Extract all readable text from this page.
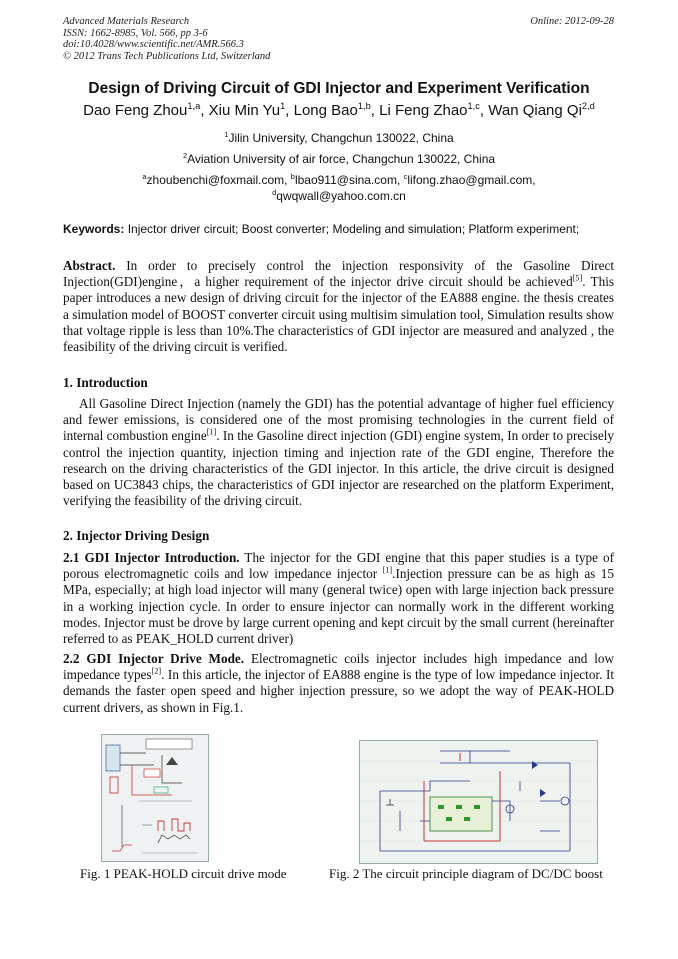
Advanced Materials Research
ISSN: 1662-8985, Vol. 566, pp 3-6
doi:10.4028/www.scientific.net/AMR.566.3
© 2012 Trans Tech Publications Ltd, Switzerland
Online: 2012-09-28
Design of Driving Circuit of GDI Injector and Experiment Verification
Dao Feng Zhou$^{1,a}$, Xiu Min Yu$^1$, Long Bao$^{1,b}$, Li Feng Zhao$^{1,c}$, Wan Qiang Qi$^{2,d}$
$^1$Jilin University, Changchun 130022, China
$^2$Aviation University of air force, Changchun 130022, China
$^a$zhoubenchi@foxmail.com, $^b$lbao911@sina.com, $^c$lifong.zhao@gmail.com,
$^d$qwqwall@yahoo.com.cn
Keywords: Injector driver circuit; Boost converter; Modeling and simulation; Platform experiment;
Abstract. In order to precisely control the injection responsivity of the Gasoline Direct Injection(GDI)engine，a higher requirement of the injector drive circuit should be achieved[5]. This paper introduces a new design of driving circuit for the injector of the EA888 engine. the thesis creates a simulation model of BOOST converter circuit using multisim simulation tool, Simulation results show that voltage ripple is less than 10%.The characteristics of GDI injector are measured and analyzed , the feasibility of the driving circuit is verified.
1. Introduction
All Gasoline Direct Injection (namely the GDI) has the potential advantage of higher fuel efficiency and fewer emissions, is considered one of the most promising technologies in the current field of internal combustion engine[1]. In the Gasoline direct injection (GDI) engine system, In order to precisely control the injection quantity, injection timing and injection rate of the GDI engine, Therefore the research on the driving characteristics of the GDI injector. In this article, the drive circuit is designed based on UC3843 chips, the characteristics of GDI injector are researched on the platform Experiment, verifying the feasibility of the driving circuit.
2. Injector Driving Design
2.1 GDI Injector Introduction. The injector for the GDI engine that this paper studies is a type of porous electromagnetic coils and low impedance injector [1].Injection pressure can be as high as 15 MPa, especially; at high load injector will many (general twice) open with large injection back pressure in a working injection cycle. In order to ensure injector can normally work in the different working modes. Injector must be drove by large current opening and kept circuit by the small current (hereinafter referred to as PEAK_HOLD current driver)
2.2 GDI Injector Drive Mode. Electromagnetic coils injector includes high impedance and low impedance types[2]. In this article, the injector of EA888 engine is the type of low impedance injector. It demands the faster open speed and higher injection pressure, so we adopt the way of PEAK-HOLD current drivers, as shown in Fig.1.
Fig. 1 PEAK-HOLD circuit drive mode	Fig. 2 The circuit principle diagram of DC/DC boost
